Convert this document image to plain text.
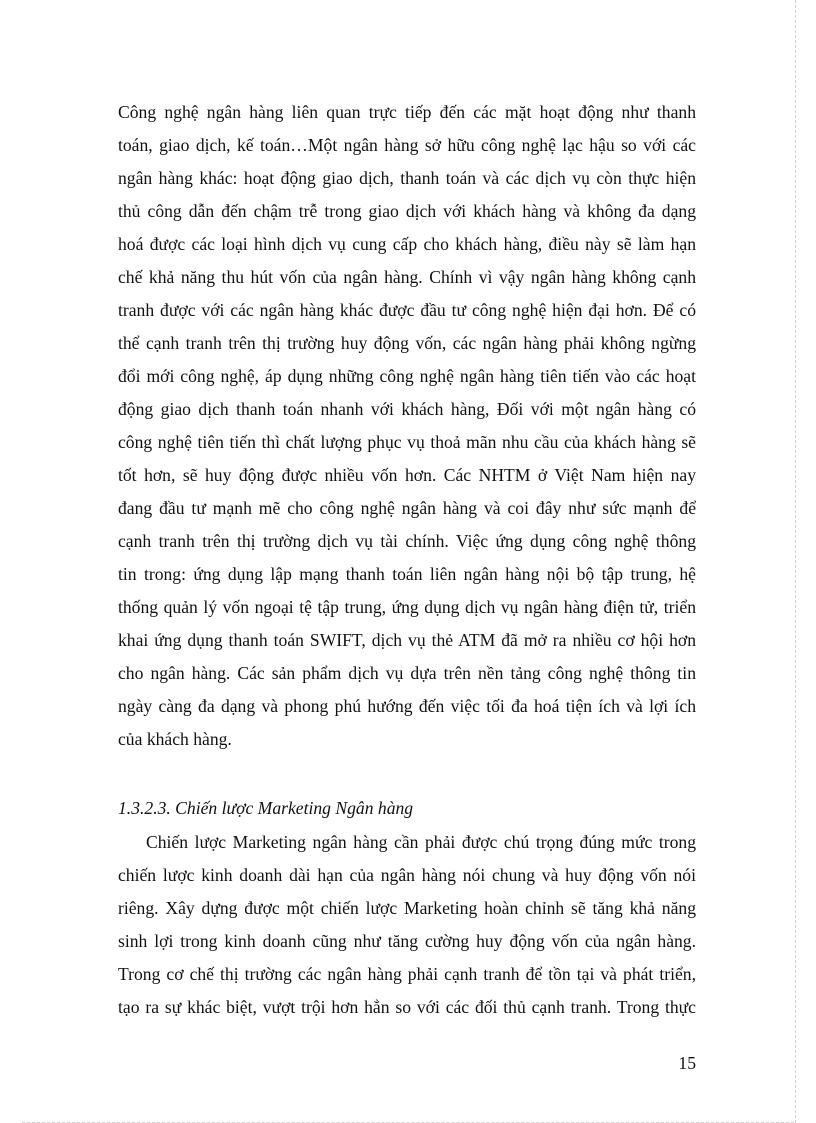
Công nghệ ngân hàng liên quan trực tiếp đến các mặt hoạt động như thanh
toán, giao dịch, kế toán…Một ngân hàng sở hữu công nghệ lạc hậu so với các
ngân hàng khác: hoạt động giao dịch, thanh toán và các dịch vụ còn thực hiện
thủ công dẫn đến chậm trễ trong giao dịch với khách hàng và không đa dạng
hoá được các loại hình dịch vụ cung cấp cho khách hàng, điều này sẽ làm hạn
chế khả năng thu hút vốn của ngân hàng. Chính vì vậy ngân hàng không cạnh
tranh được với các ngân hàng khác được đầu tư công nghệ hiện đại hơn. Để có
thể cạnh tranh trên thị trường huy động vốn, các ngân hàng phải không ngừng
đổi mới công nghệ, áp dụng những công nghệ ngân hàng tiên tiến vào các hoạt
động giao dịch thanh toán nhanh với khách hàng, Đối với một ngân hàng có
công nghệ tiên tiến thì chất lượng phục vụ thoả mãn nhu cầu của khách hàng sẽ
tốt hơn, sẽ huy động được nhiều vốn hơn. Các NHTM ở Việt Nam hiện nay
đang đầu tư mạnh mẽ cho công nghệ ngân hàng và coi đây như sức mạnh để
cạnh tranh trên thị trường dịch vụ tài chính. Việc ứng dụng công nghệ thông
tin trong: ứng dụng lập mạng thanh toán liên ngân hàng nội bộ tập trung, hệ
thống quản lý vốn ngoại tệ tập trung, ứng dụng dịch vụ ngân hàng điện tử, triển
khai ứng dụng thanh toán SWIFT, dịch vụ thẻ ATM đã mở ra nhiều cơ hội hơn
cho ngân hàng. Các sản phẩm dịch vụ dựa trên nền tảng công nghệ thông tin
ngày càng đa dạng và phong phú hướng đến việc tối đa hoá tiện ích và lợi ích
của khách hàng.
1.3.2.3. Chiến lược Marketing Ngân hàng
Chiến lược Marketing ngân hàng cần phải được chú trọng đúng mức trong
chiến lược kinh doanh dài hạn của ngân hàng nói chung và huy động vốn nói
riêng. Xây dựng được một chiến lược Marketing hoàn chỉnh sẽ tăng khả năng
sinh lợi trong kinh doanh cũng như tăng cường huy động vốn của ngân hàng.
Trong cơ chế thị trường các ngân hàng phải cạnh tranh để tồn tại và phát triển,
tạo ra sự khác biệt, vượt trội hơn hẳn so với các đối thủ cạnh tranh. Trong thực
15
